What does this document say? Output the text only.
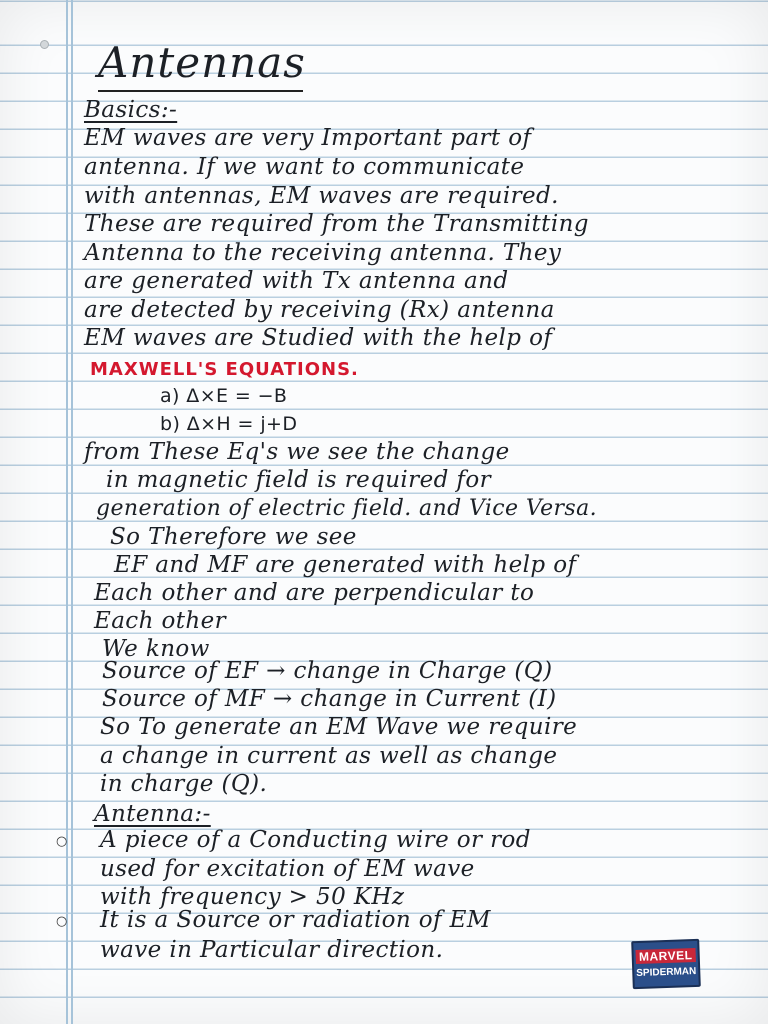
Antennas

Basics:-

EM waves are very Important part of

antenna. If we want to communicate

with antennas, EM waves are required.

These are required from the Transmitting

Antenna to the receiving antenna. They

are generated with Tx antenna and

are detected by receiving (Rx) antenna

EM waves are Studied with the help of

MAXWELL'S EQUATIONS.

a) Δ×E = −B

b) Δ×H = j+D

from These Eq's we see the change

in magnetic field is required for

generation of electric field. and Vice Versa.

So Therefore we see

EF and MF are generated with help of

Each other and are perpendicular to

Each other

We know

Source of EF → change in Charge (Q)

Source of MF → change in Current (I)

So To generate an EM Wave we require

a change in current as well as change

in charge (Q).

Antenna:-

○ A piece of a Conducting wire or rod

used for excitation of EM wave

with frequency > 50 KHz

○ It is a Source or radiation of EM

wave in Particular direction.	MARVEL
SPIDERMAN
